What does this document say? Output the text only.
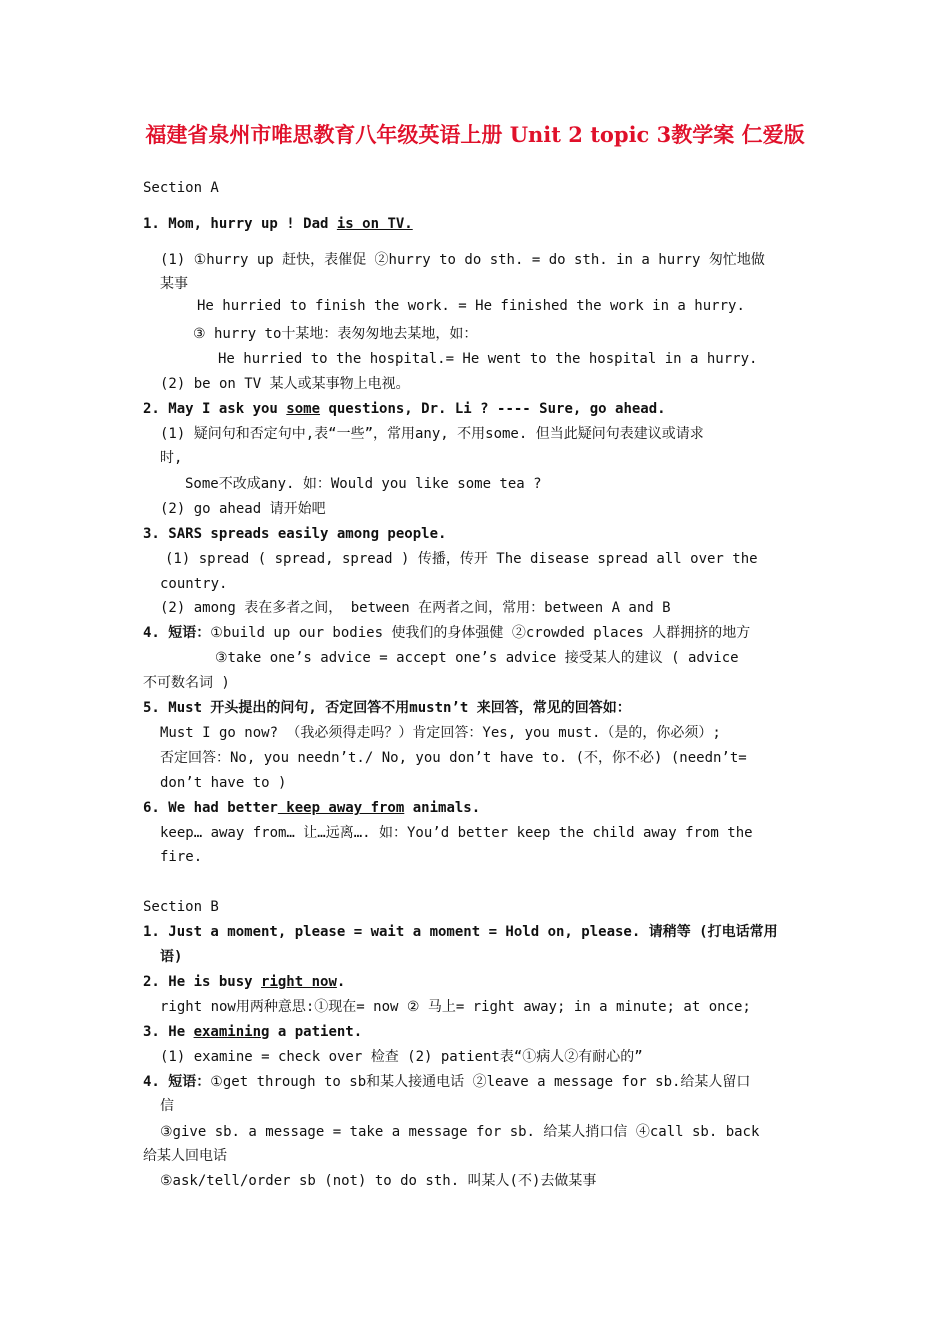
福建省泉州市唯思教育八年级英语上册 Unit 2 topic 3教学案 仁爱版
Section A
1. Mom, hurry up ! Dad is on TV.
(1) ①hurry up 赶快，表催促 ②hurry to do sth. = do sth. in a hurry 匆忙地做
某事
He hurried to finish the work. = He finished the work in a hurry.
③ hurry to十某地：表匆匆地去某地，如：
He hurried to the hospital.= He went to the hospital in a hurry.
(2) be on TV 某人或某事物上电视。
2. May I ask you some questions, Dr. Li ? ---- Sure, go ahead.
(1) 疑问句和否定句中,表“一些”，常用any, 不用some. 但当此疑问句表建议或请求
时,
Some不改成any. 如：Would you like some tea ?
(2) go ahead 请开始吧
3. SARS spreads easily among people.
(1) spread ( spread, spread ) 传播，传开 The disease spread all over the
country.
(2) among 表在多者之间， between 在两者之间，常用：between A and B
4. 短语：①build up our bodies 使我们的身体强健 ②crowded places 人群拥挤的地方
③take one’s advice = accept one’s advice 接受某人的建议 ( advice
不可数名词 )
5. Must 开头提出的问句, 否定回答不用mustn’t 来回答，常见的回答如：
Must I go now? （我必须得走吗？）肯定回答：Yes, you must.（是的，你必须）;
否定回答：No, you needn’t./ No, you don’t have to. (不，你不必) (needn’t=
don’t have to )
6. We had better keep away from animals.
keep… away from… 让…远离…. 如：You’d better keep the child away from the
fire.
Section B
1. Just a moment, please = wait a moment = Hold on, please. 请稍等 (打电话常用
语)
2. He is busy right now.
right now用两种意思:①现在= now ② 马上= right away; in a minute; at once;
3. He examining a patient.
(1) examine = check over 检查 (2) patient表“①病人②有耐心的”
4. 短语：①get through to sb和某人接通电话 ②leave a message for sb.给某人留口
信
③give sb. a message = take a message for sb. 给某人捎口信 ④call sb. back
给某人回电话
⑤ask/tell/order sb (not) to do sth. 叫某人(不)去做某事
